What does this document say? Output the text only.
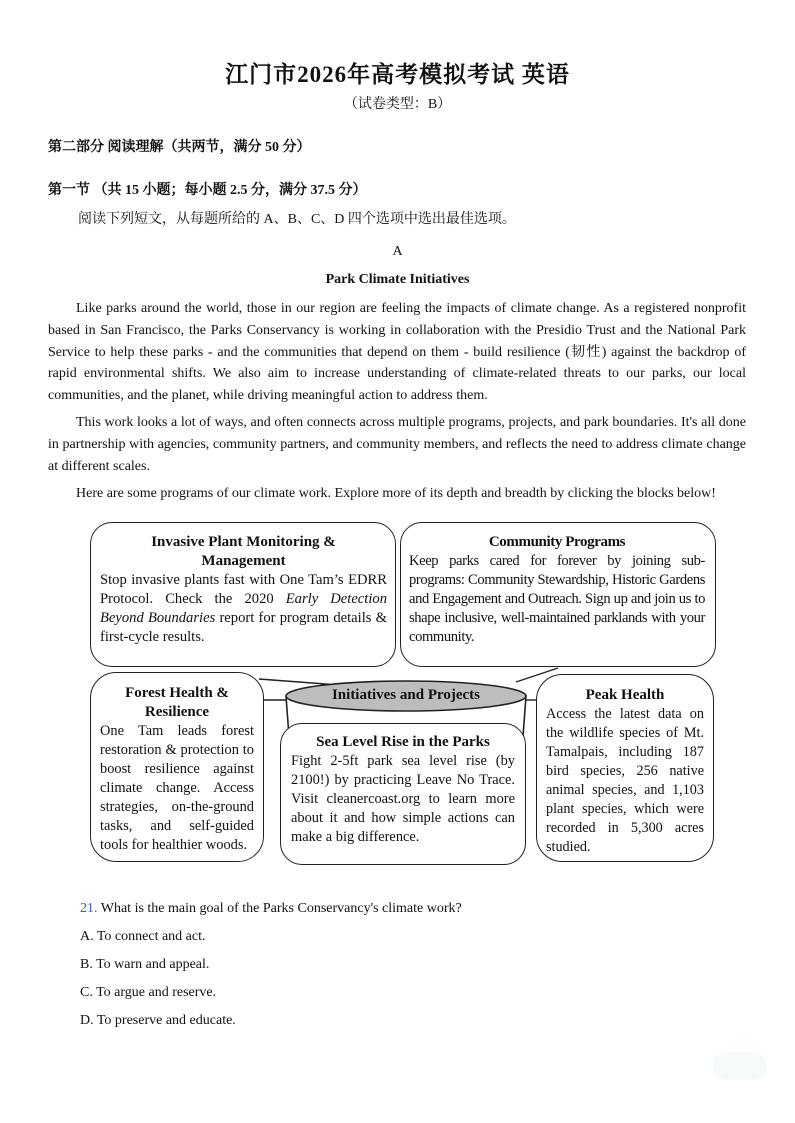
江门市2026年高考模拟考试 英语
（试卷类型：B）
第二部分 阅读理解（共两节，满分 50 分）
第一节 （共 15 小题；每小题 2.5 分，满分 37.5 分）
阅读下列短文，从每题所给的 A、B、C、D 四个选项中选出最佳选项。
A
Park Climate Initiatives

Like parks around the world, those in our region are feeling the impacts of climate change. As a registered nonprofit based in San Francisco, the Parks Conservancy is working in collaboration with the Presidio Trust and the National Park Service to help these parks - and the communities that depend on them - build resilience (韧性) against the backdrop of rapid environmental shifts. We also aim to increase understanding of climate-related threats to our parks, our local communities, and the planet, while driving meaningful action to address them.

This work looks a lot of ways, and often connects across multiple programs, projects, and park boundaries. It's all done in partnership with agencies, community partners, and community members, and reflects the need to address climate change at different scales.

Here are some programs of our climate work. Explore more of its depth and breadth by clicking the blocks below!

Invasive Plant Monitoring & Management
Stop invasive plants fast with One Tam’s EDRR Protocol. Check the 2020 Early Detection Beyond Boundaries report for program details & first-cycle results.
Community Programs
Keep parks cared for forever by joining sub-programs: Community Stewardship, Historic Gardens and Engagement and Outreach. Sign up and join us to shape inclusive, well-maintained parklands with your community.
Initiatives and Projects
Forest Health & Resilience
One Tam leads forest restoration & protection to boost resilience against climate change. Access strategies, on-the-ground tasks, and self-guided tools for healthier woods.
Sea Level Rise in the Parks
Fight 2-5ft park sea level rise (by 2100!) by practicing Leave No Trace. Visit cleanercoast.org to learn more about it and how simple actions can make a big difference.
Peak Health
Access the latest data on the wildlife species of Mt. Tamalpais, including 187 bird species, 256 native animal species, and 1,103 plant species, which were recorded in 5,300 acres studied.
21. What is the main goal of the Parks Conservancy's climate work?
A. To connect and act.
B. To warn and appeal.
C. To argue and reserve.
D. To preserve and educate.
